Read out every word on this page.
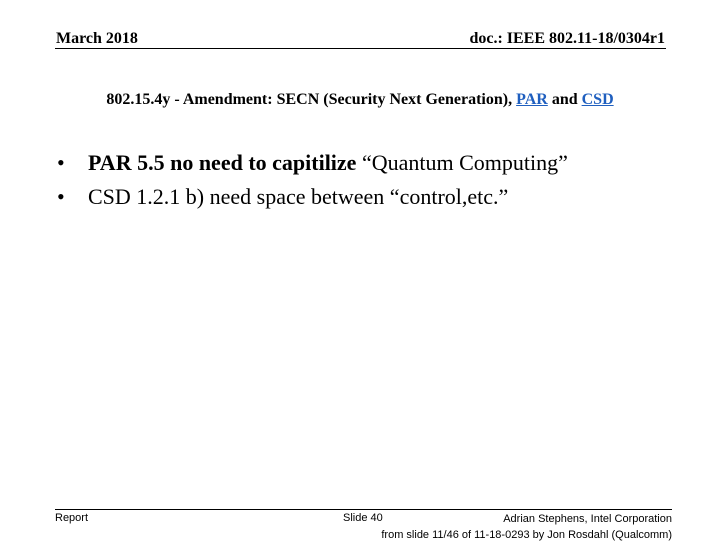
March 2018	doc.: IEEE 802.11-18/0304r1
802.15.4y - Amendment: SECN (Security Next Generation), PAR and CSD
• PAR 5.5 no need to capitilize “Quantum Computing”
• CSD 1.2.1 b) need space between “control,etc.”
Report	Slide 40	Adrian Stephens, Intel Corporation
from slide 11/46 of 11-18-0293 by Jon Rosdahl (Qualcomm)
